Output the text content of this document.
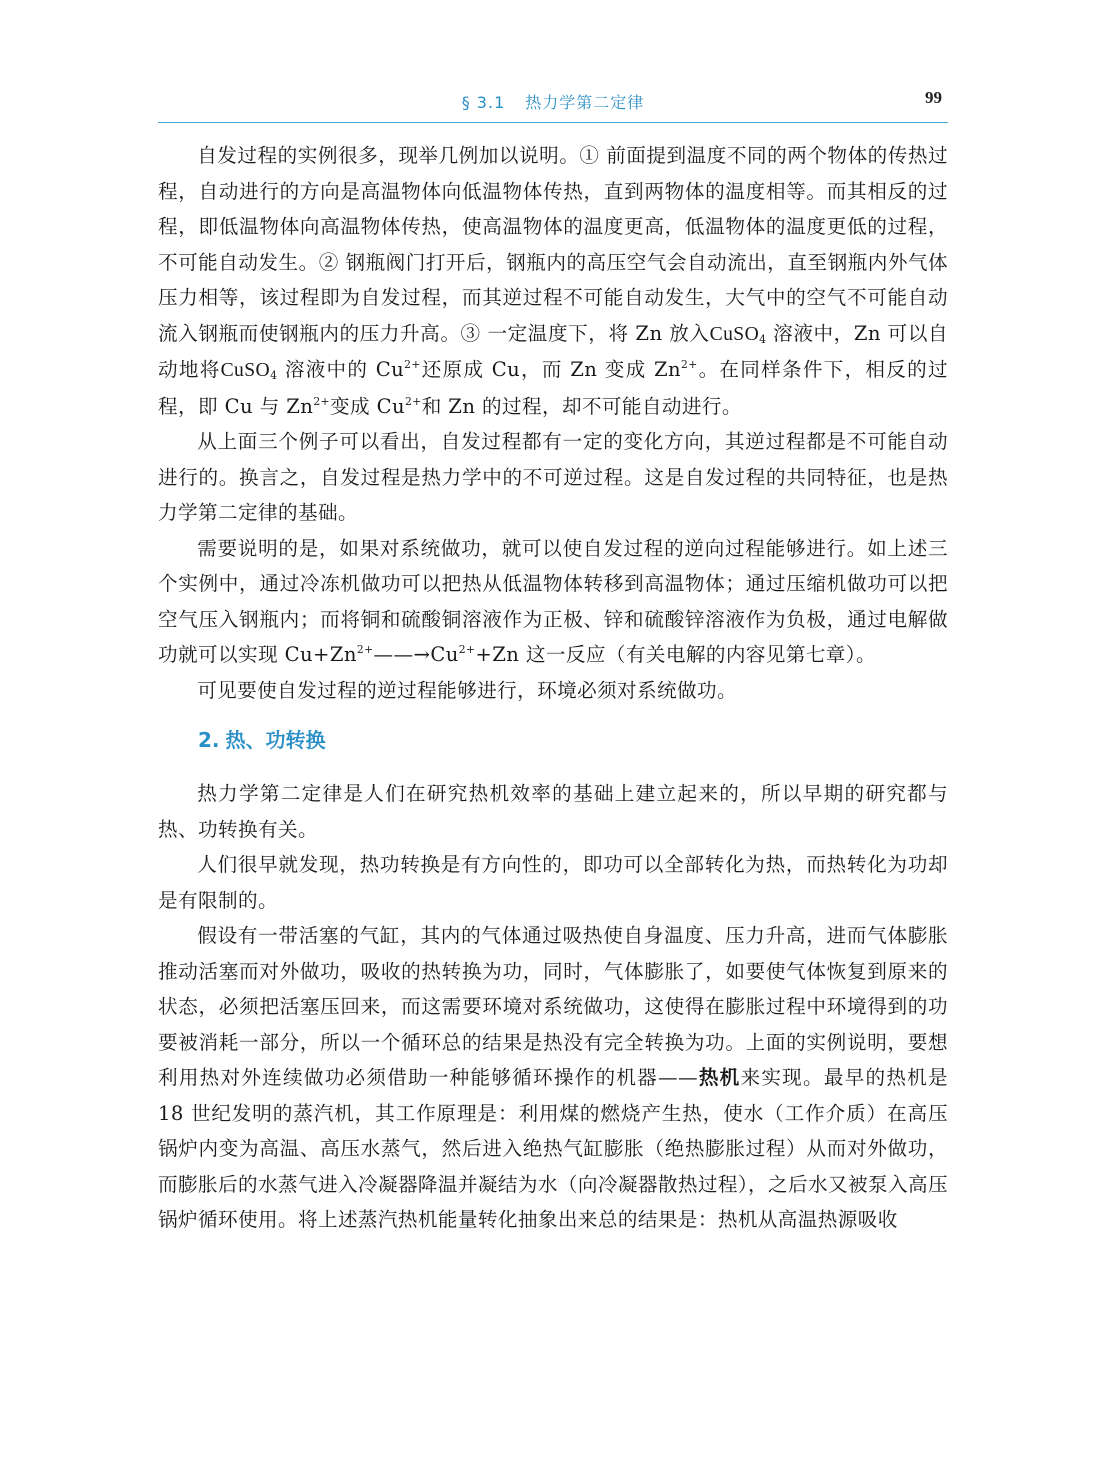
§ 3.1 热力学第二定律	99

自发过程的实例很多，现举几例加以说明。① 前面提到温度不同的两个物体的传热过程，自动进行的方向是高温物体向低温物体传热，直到两物体的温度相等。而其相反的过程，即低温物体向高温物体传热，使高温物体的温度更高，低温物体的温度更低的过程，不可能自动发生。② 钢瓶阀门打开后，钢瓶内的高压空气会自动流出，直至钢瓶内外气体压力相等，该过程即为自发过程，而其逆过程不可能自动发生，大气中的空气不可能自动流入钢瓶而使钢瓶内的压力升高。③ 一定温度下，将 Zn 放入CuSO$_4$ 溶液中，Zn 可以自动地将CuSO$_4$ 溶液中的 $Cu^{2+}$还原成 Cu，而 Zn 变成 $Zn^{2+}$。在同样条件下，相反的过程，即 Cu 与 $Zn^{2+}$变成 $Cu^{2+}$和 Zn 的过程，却不可能自动进行。

从上面三个例子可以看出，自发过程都有一定的变化方向，其逆过程都是不可能自动进行的。换言之，自发过程是热力学中的不可逆过程。这是自发过程的共同特征，也是热力学第二定律的基础。

需要说明的是，如果对系统做功，就可以使自发过程的逆向过程能够进行。如上述三个实例中，通过冷冻机做功可以把热从低温物体转移到高温物体；通过压缩机做功可以把空气压入钢瓶内；而将铜和硫酸铜溶液作为正极、锌和硫酸锌溶液作为负极，通过电解做功就可以实现 $Cu+Zn^{2+}——\to Cu^{2+}+Zn$ 这一反应（有关电解的内容见第七章）。

可见要使自发过程的逆过程能够进行，环境必须对系统做功。

2. 热、功转换

热力学第二定律是人们在研究热机效率的基础上建立起来的，所以早期的研究都与热、功转换有关。

人们很早就发现，热功转换是有方向性的，即功可以全部转化为热，而热转化为功却是有限制的。

假设有一带活塞的气缸，其内的气体通过吸热使自身温度、压力升高，进而气体膨胀推动活塞而对外做功，吸收的热转换为功，同时，气体膨胀了，如要使气体恢复到原来的状态，必须把活塞压回来，而这需要环境对系统做功，这使得在膨胀过程中环境得到的功要被消耗一部分，所以一个循环总的结果是热没有完全转换为功。上面的实例说明，要想利用热对外连续做功必须借助一种能够循环操作的机器——热机来实现。最早的热机是 18 世纪发明的蒸汽机，其工作原理是：利用煤的燃烧产生热，使水（工作介质）在高压锅炉内变为高温、高压水蒸气，然后进入绝热气缸膨胀（绝热膨胀过程）从而对外做功，而膨胀后的水蒸气进入冷凝器降温并凝结为水（向冷凝器散热过程），之后水又被泵入高压锅炉循环使用。将上述蒸汽热机能量转化抽象出来总的结果是：热机从高温热源吸收
